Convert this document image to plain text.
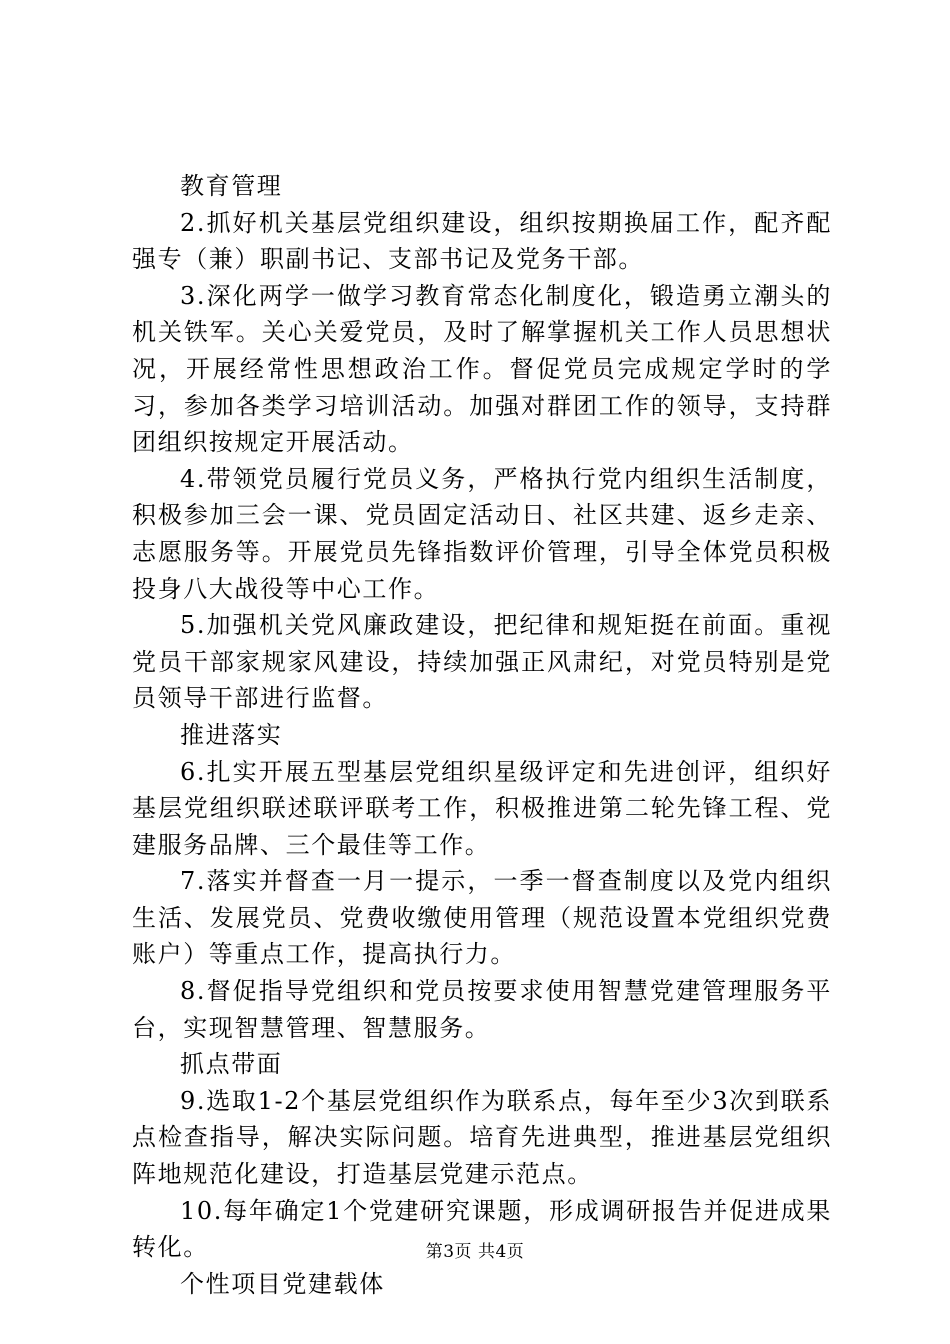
教育管理

2.抓好机关基层党组织建设，组织按期换届工作，配齐配强专（兼）职副书记、支部书记及党务干部。

3.深化两学一做学习教育常态化制度化，锻造勇立潮头的机关铁军。关心关爱党员，及时了解掌握机关工作人员思想状况，开展经常性思想政治工作。督促党员完成规定学时的学习，参加各类学习培训活动。加强对群团工作的领导，支持群团组织按规定开展活动。

4.带领党员履行党员义务，严格执行党内组织生活制度，积极参加三会一课、党员固定活动日、社区共建、返乡走亲、志愿服务等。开展党员先锋指数评价管理，引导全体党员积极投身八大战役等中心工作。

5.加强机关党风廉政建设，把纪律和规矩挺在前面。重视党员干部家规家风建设，持续加强正风肃纪，对党员特别是党员领导干部进行监督。

推进落实

6.扎实开展五型基层党组织星级评定和先进创评，组织好基层党组织联述联评联考工作，积极推进第二轮先锋工程、党建服务品牌、三个最佳等工作。

7.落实并督查一月一提示，一季一督查制度以及党内组织生活、发展党员、党费收缴使用管理（规范设置本党组织党费账户）等重点工作，提高执行力。

8.督促指导党组织和党员按要求使用智慧党建管理服务平台，实现智慧管理、智慧服务。

抓点带面

9.选取1-2个基层党组织作为联系点，每年至少3次到联系点检查指导，解决实际问题。培育先进典型，推进基层党组织阵地规范化建设，打造基层党建示范点。

10.每年确定1个党建研究课题，形成调研报告并促进成果转化。

个性项目党建载体

第3页 共4页
